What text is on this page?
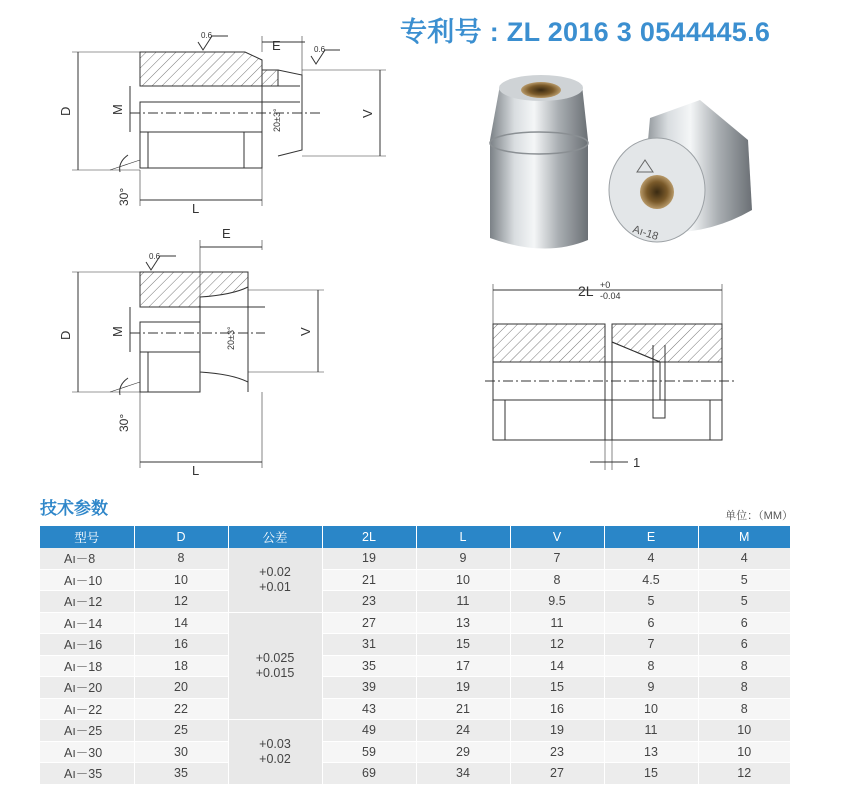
专利号 : ZL 2016 3 0544445.6
D	M	V
E
L
0.6
0.6
20±3°
30°
D	M	V
E
L
0.6
20±3°
30°
2L +0
-0.04
1
Aı-18
技术参数	单位：（MM）
型号	D	公差	2L	L	V	E	M
Aı－8	8	+0.02
+0.01	19	9	7	4	4
Aı－10	10		21	10	8	4.5	5
Aı－12	12		23	11	9.5	5	5
Aı－14	14	+0.025
+0.015	27	13	11	6	6
Aı－16	16		31	15	12	7	6
Aı－18	18		35	17	14	8	8
Aı－20	20		39	19	15	9	8
Aı－22	22		43	21	16	10	8
Aı－25	25	+0.03
+0.02	49	24	19	11	10
Aı－30	30		59	29	23	13	10
Aı－35	35		69	34	27	15	12
